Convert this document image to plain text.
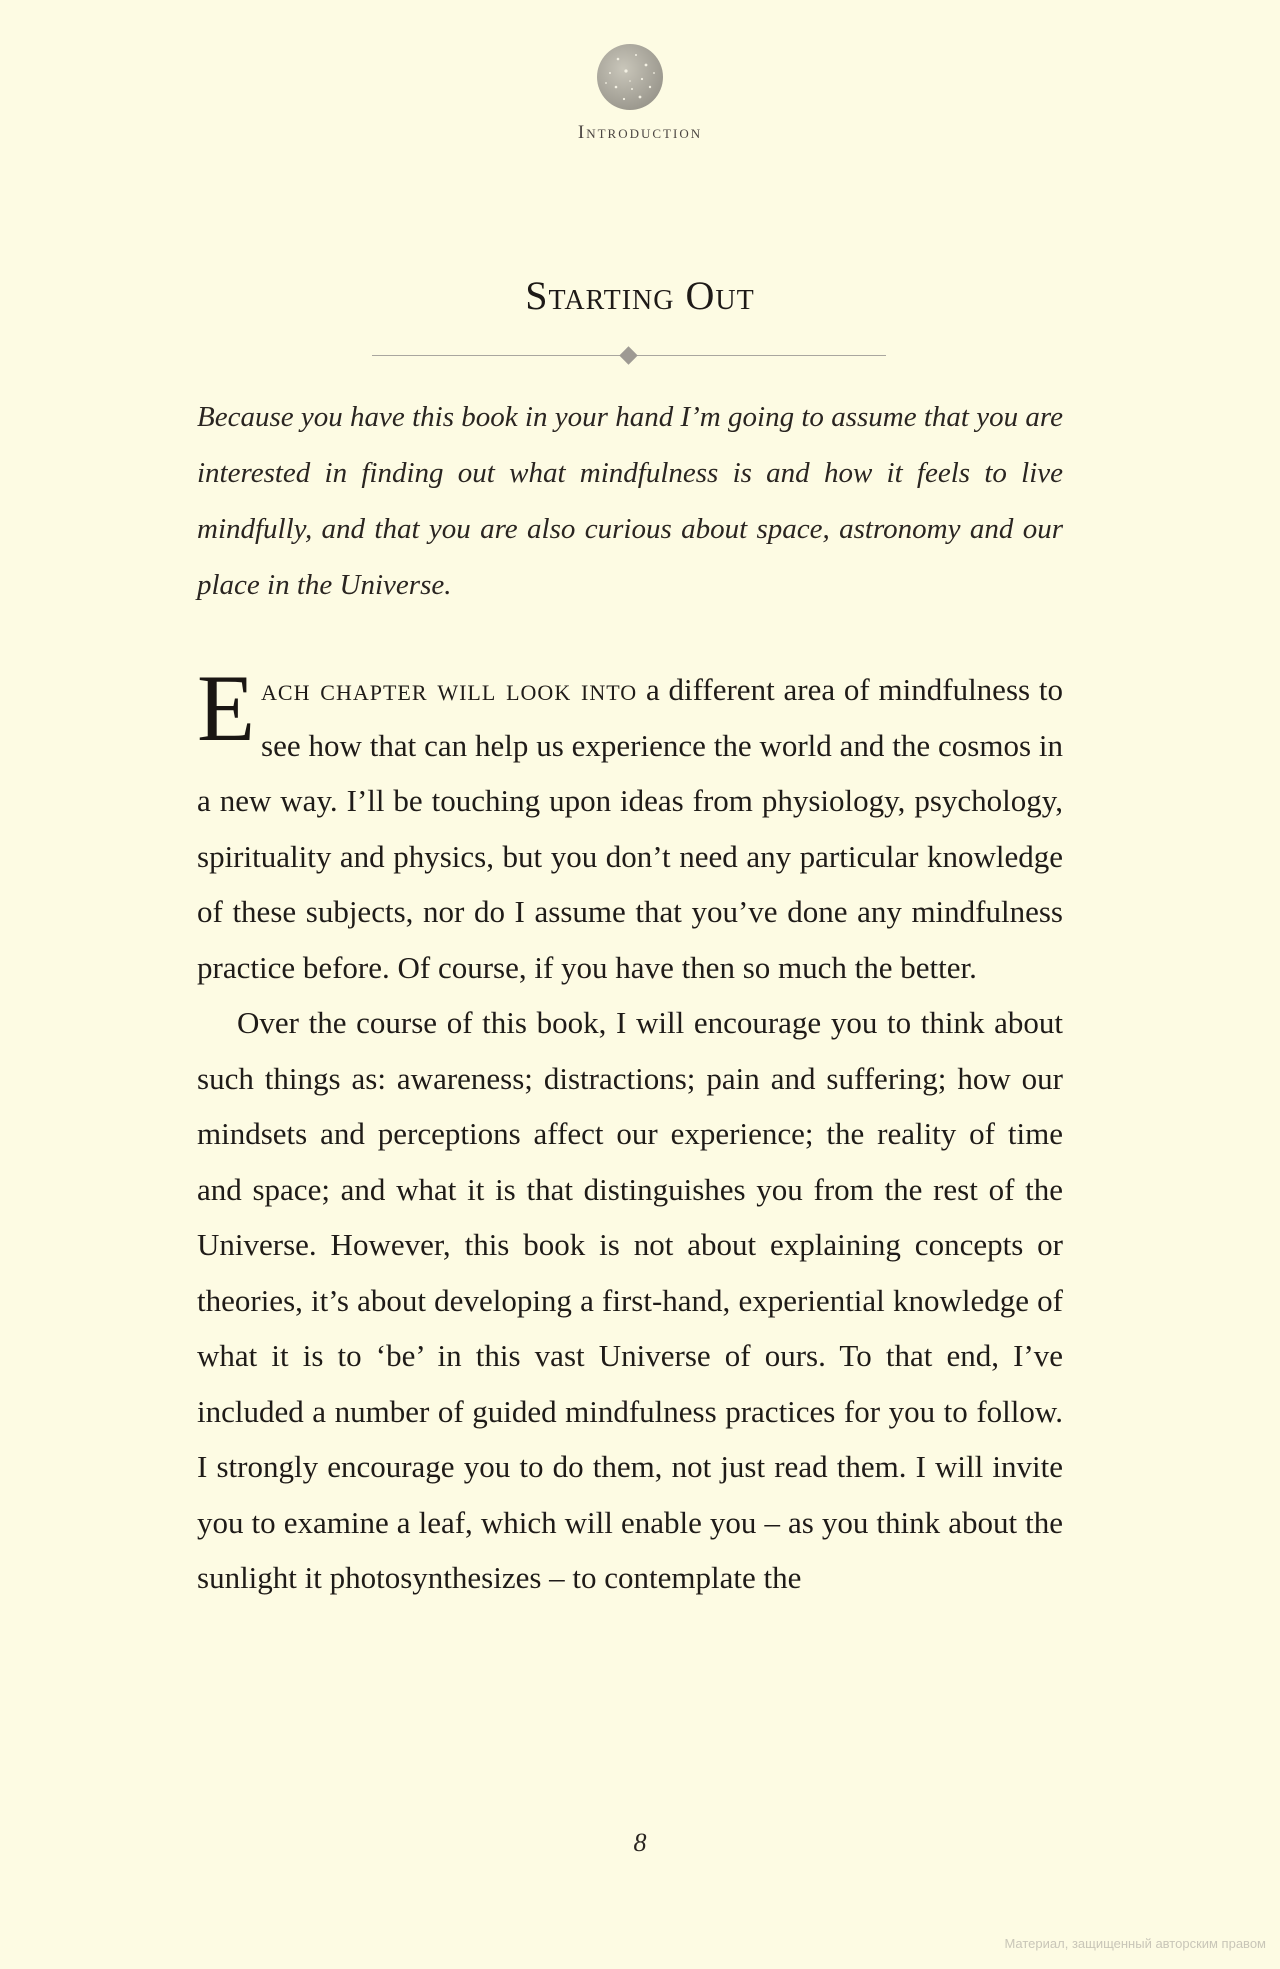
Introduction
Starting Out
Because you have this book in your hand I’m going to assume that you are interested in finding out what mindfulness is and how it feels to live mindfully, and that you are also curious about space, astronomy and our place in the Universe.

Each chapter will look into a different area of mindfulness to see how that can help us experience the world and the cosmos in a new way. I’ll be touching upon ideas from physiology, psychology, spirituality and physics, but you don’t need any particular knowledge of these subjects, nor do I assume that you’ve done any mindfulness practice before. Of course, if you have then so much the better.

Over the course of this book, I will encourage you to think about such things as: awareness; distractions; pain and suffering; how our mindsets and perceptions affect our experience; the reality of time and space; and what it is that distinguishes you from the rest of the Universe. However, this book is not about explaining concepts or theories, it’s about developing a first-hand, experiential knowledge of what it is to ‘be’ in this vast Universe of ours. To that end, I’ve included a number of guided mindfulness practices for you to follow. I strongly encourage you to do them, not just read them. I will invite you to examine a leaf, which will enable you – as you think about the sunlight it photosynthesizes – to contemplate the

8
Материал, защищенный авторским правом
